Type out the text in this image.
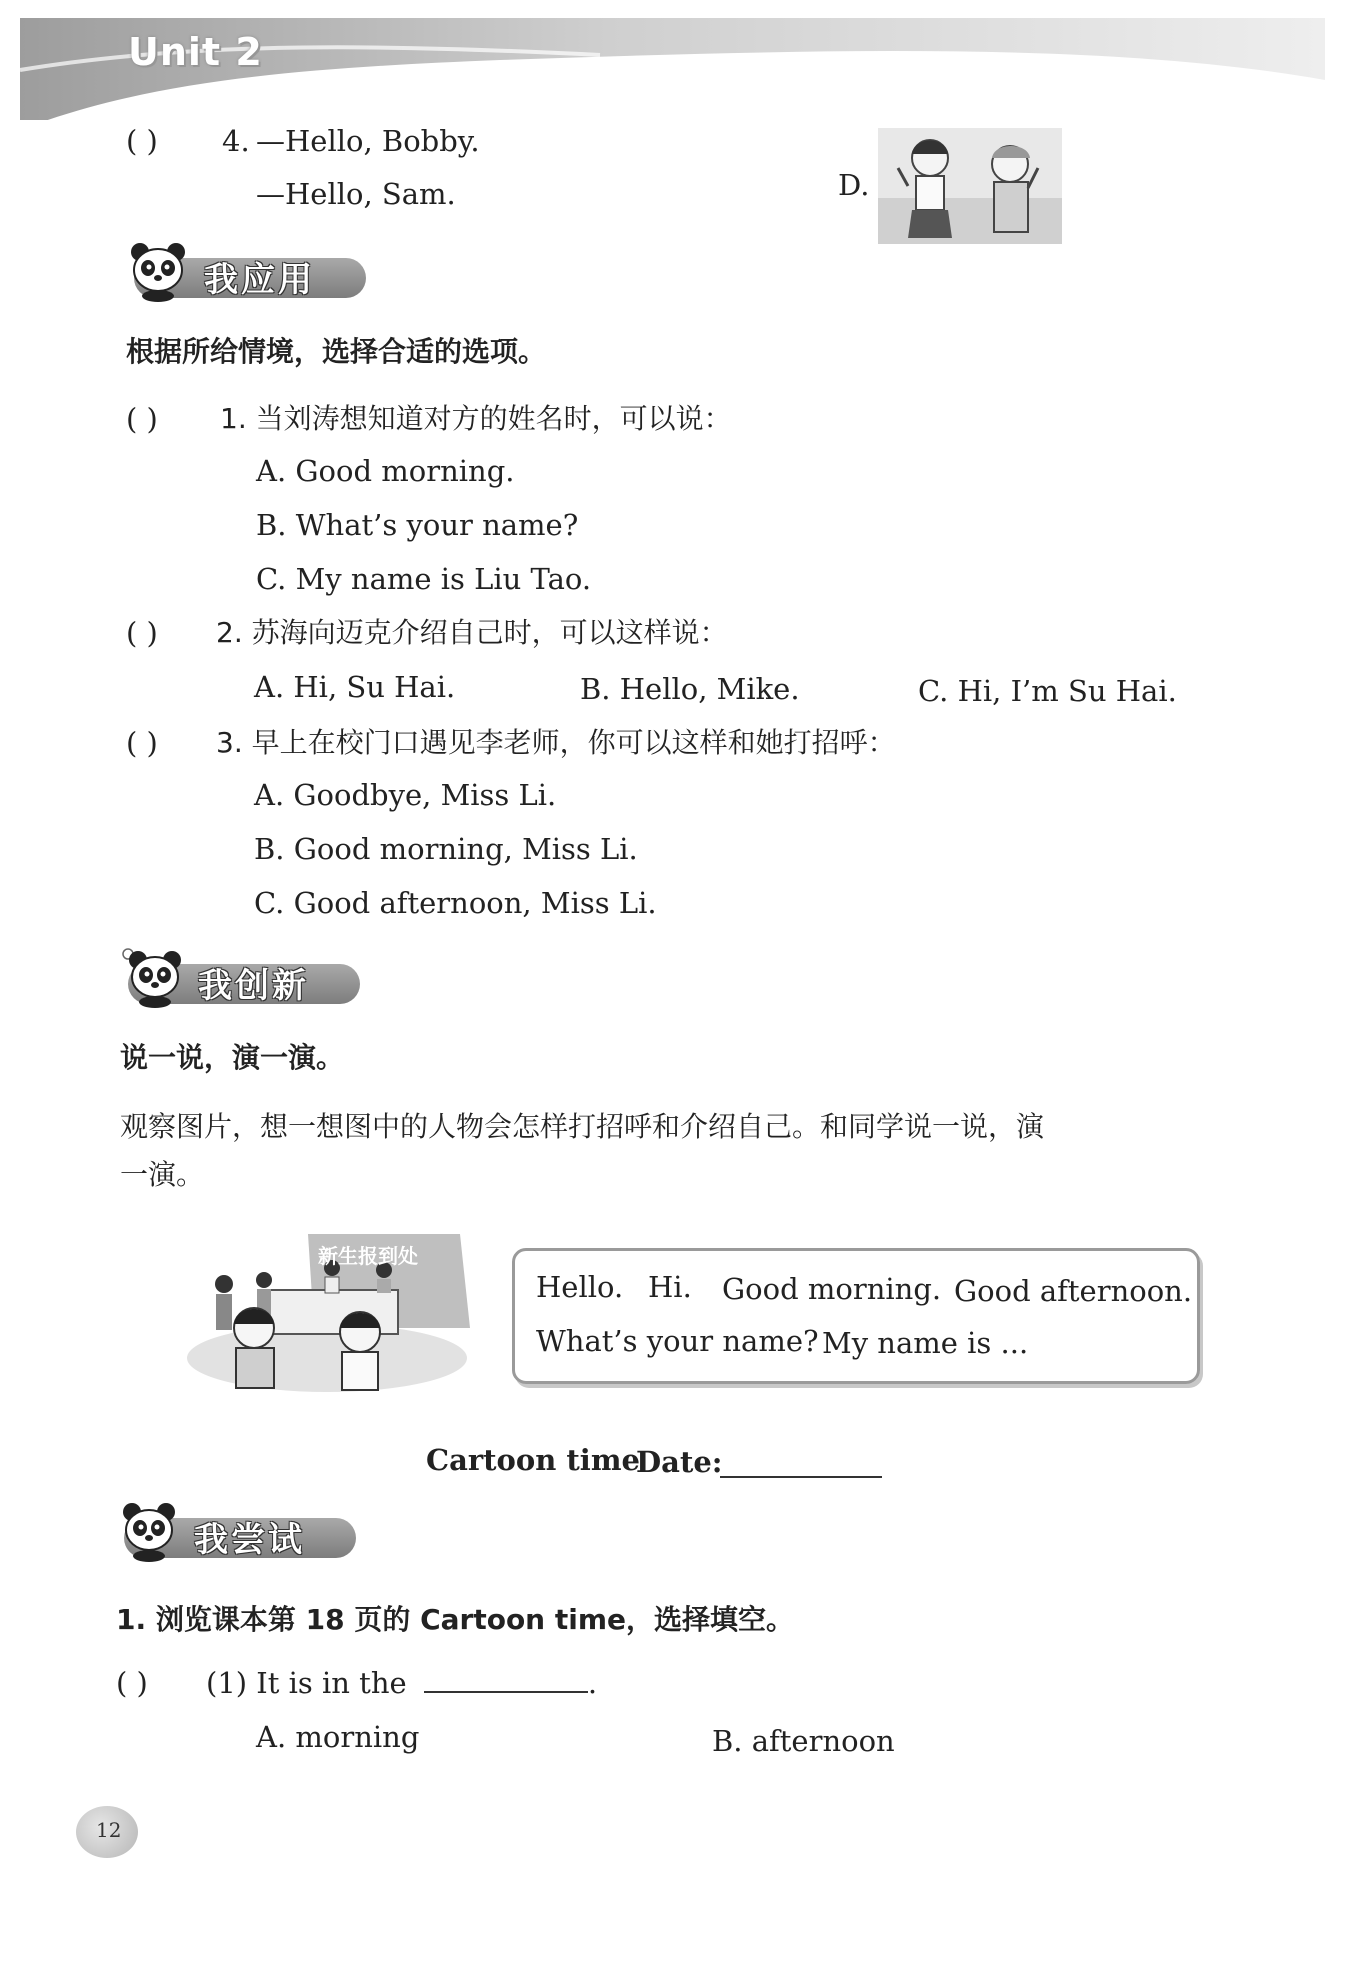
Unit 2
( ) 4. —Hello, Bobby.
—Hello, Sam.	D.
我应用
根据所给情境，选择合适的选项。
( ) 1. 当刘涛想知道对方的姓名时，可以说：
A. Good morning.
B. What’s your name?
C. My name is Liu Tao.
( ) 2. 苏海向迈克介绍自己时，可以这样说：
A. Hi, Su Hai.	B. Hello, Mike.	C. Hi, I’m Su Hai.
( ) 3. 早上在校门口遇见李老师，你可以这样和她打招呼：
A. Goodbye, Miss Li.
B. Good morning, Miss Li.
C. Good afternoon, Miss Li.
我创新
说一说，演一演。
观察图片，想一想图中的人物会怎样打招呼和介绍自己。和同学说一说，演
一演。
新生报到处
Hello. Hi. Good morning. Good afternoon.
What’s your name? My name is ...
Cartoon time
Date:
我尝试
1. 浏览课本第 18 页的 Cartoon time，选择填空。
( ) (1) It is in the	.
A. morning	B. afternoon
12
